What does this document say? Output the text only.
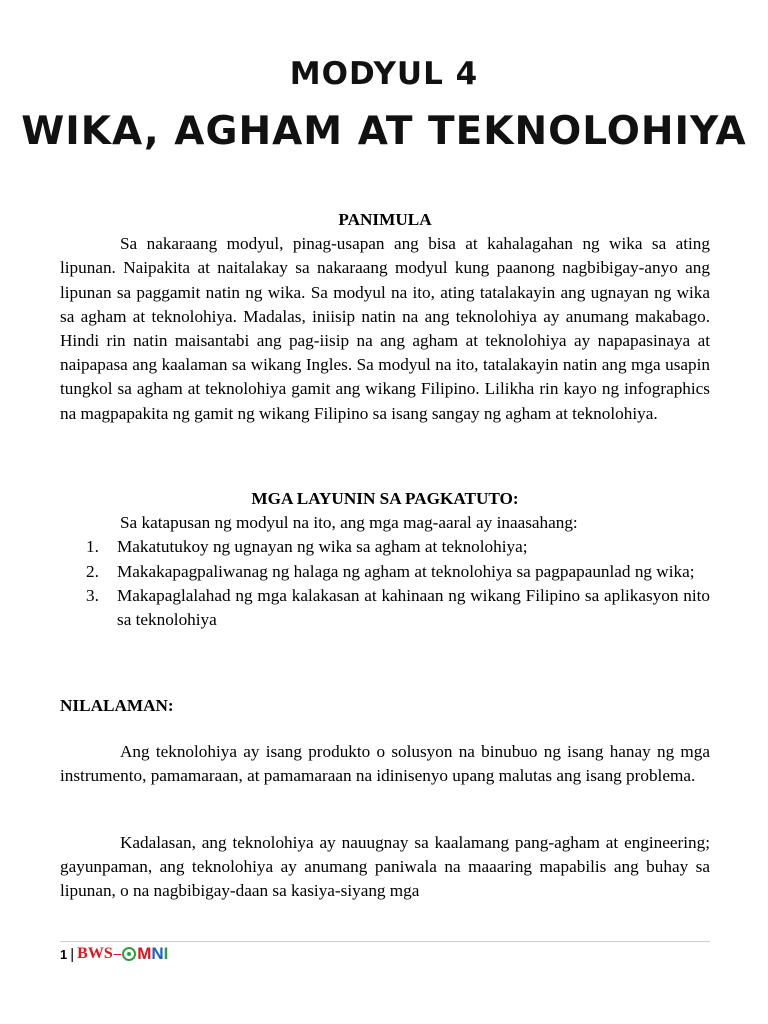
MODYUL 4
WIKA, AGHAM AT TEKNOLOHIYA
PANIMULA

Sa nakaraang modyul, pinag-usapan ang bisa at kahalagahan ng wika sa ating lipunan. Naipakita at naitalakay sa nakaraang modyul kung paanong nagbibigay-anyo ang lipunan sa paggamit natin ng wika. Sa modyul na ito, ating tatalakayin ang ugnayan ng wika sa agham at teknolohiya. Madalas, iniisip natin na ang teknolohiya ay anumang makabago. Hindi rin natin maisantabi ang pag-iisip na ang agham at teknolohiya ay napapasinaya at naipapasa ang kaalaman sa wikang Ingles. Sa modyul na ito, tatalakayin natin ang mga usapin tungkol sa agham at teknolohiya gamit ang wikang Filipino. Lilikha rin kayo ng infographics na magpapakita ng gamit ng wikang Filipino sa isang sangay ng agham at teknolohiya.

MGA LAYUNIN SA PAGKATUTO:

Sa katapusan ng modyul na ito, ang mga mag-aaral ay inaasahang:

1. Makatutukoy ng ugnayan ng wika sa agham at teknolohiya;
2. Makakapagpaliwanag ng halaga ng agham at teknolohiya sa pagpapaunlad ng wika;
3. Makapaglalahad ng mga kalakasan at kahinaan ng wikang Filipino sa aplikasyon nito sa teknolohiya

NILALAMAN:

Ang teknolohiya ay isang produkto o solusyon na binubuo ng isang hanay ng mga instrumento, pamamaraan, at pamamaraan na idinisenyo upang malutas ang isang problema.

Kadalasan, ang teknolohiya ay nauugnay sa kaalamang pang-agham at engineering; gayunpaman, ang teknolohiya ay anumang paniwala na maaaring mapabilis ang buhay sa lipunan, o na nagbibigay-daan sa kasiya-siyang mga

1 | BWS – M N I
